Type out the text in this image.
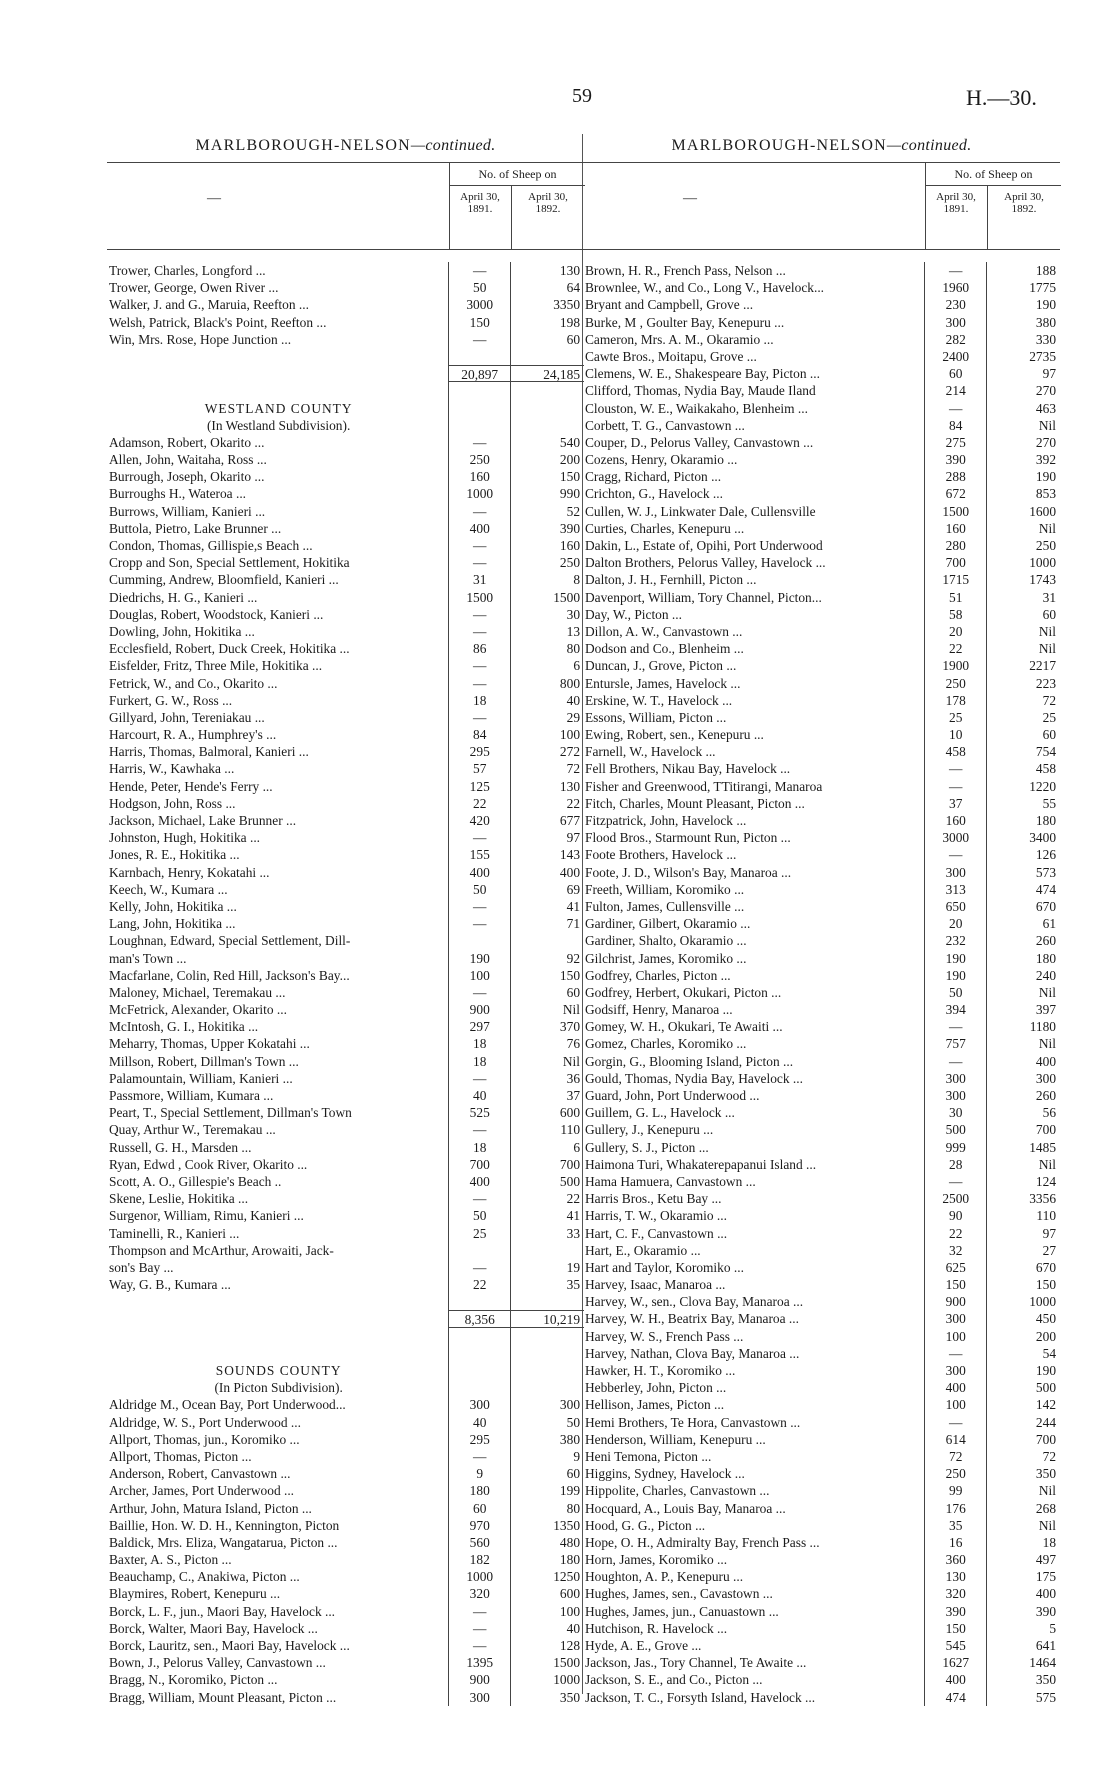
59	H.—30.
MARLBOROUGH-NELSON—continued.
—
No. of Sheep on
April 30,
1891.
April 30,
1892.
Trower, Charles, Longford ...	—	130
Trower, George, Owen River ...	50	64
Walker, J. and G., Maruia, Reefton ...	3000	3350
Welsh, Patrick, Black's Point, Reefton ...	150	198
Win, Mrs. Rose, Hope Junction ...	—	60
20,897	24,185
WESTLAND COUNTY
(In Westland Subdivision).
Adamson, Robert, Okarito ...	—	540
Allen, John, Waitaha, Ross ...	250	200
Burrough, Joseph, Okarito ...	160	150
Burroughs H., Wateroa ...	1000	990
Burrows, William, Kanieri ...	—	52
Buttola, Pietro, Lake Brunner ...	400	390
Condon, Thomas, Gillispie,s Beach ...	—	160
Cropp and Son, Special Settlement, Hokitika	—	250
Cumming, Andrew, Bloomfield, Kanieri ...	31	8
Diedrichs, H. G., Kanieri ...	1500	1500
Douglas, Robert, Woodstock, Kanieri ...	—	30
Dowling, John, Hokitika ...	—	13
Ecclesfield, Robert, Duck Creek, Hokitika ...	86	80
Eisfelder, Fritz, Three Mile, Hokitika ...	—	6
Fetrick, W., and Co., Okarito ...	—	800
Furkert, G. W., Ross ...	18	40
Gillyard, John, Tereniakau ...	—	29
Harcourt, R. A., Humphrey's ...	84	100
Harris, Thomas, Balmoral, Kanieri ...	295	272
Harris, W., Kawhaka ...	57	72
Hende, Peter, Hende's Ferry ...	125	130
Hodgson, John, Ross ...	22	22
Jackson, Michael, Lake Brunner ...	420	677
Johnston, Hugh, Hokitika ...	—	97
Jones, R. E., Hokitika ...	155	143
Karnbach, Henry, Kokatahi ...	400	400
Keech, W., Kumara ...	50	69
Kelly, John, Hokitika ...	—	41
Lang, John, Hokitika ...	—	71
Loughnan, Edward, Special Settlement, Dill-
man's Town ...	190	92
Macfarlane, Colin, Red Hill, Jackson's Bay...	100	150
Maloney, Michael, Teremakau ...	—	60
McFetrick, Alexander, Okarito ...	900	Nil
McIntosh, G. I., Hokitika ...	297	370
Meharry, Thomas, Upper Kokatahi ...	18	76
Millson, Robert, Dillman's Town ...	18	Nil
Palamountain, William, Kanieri ...	—	36
Passmore, William, Kumara ...	40	37
Peart, T., Special Settlement, Dillman's Town	525	600
Quay, Arthur W., Teremakau ...	—	110
Russell, G. H., Marsden ...	18	6
Ryan, Edwd , Cook River, Okarito ...	700	700
Scott, A. O., Gillespie's Beach ..	400	500
Skene, Leslie, Hokitika ...	—	22
Surgenor, William, Rimu, Kanieri ...	50	41
Taminelli, R., Kanieri ...	25	33
Thompson and McArthur, Arowaiti, Jack-
son's Bay ...	—	19
Way, G. B., Kumara ...	22	35
8,356	10,219
SOUNDS COUNTY
(In Picton Subdivision).
Aldridge M., Ocean Bay, Port Underwood...	300	300
Aldridge, W. S., Port Underwood ...	40	50
Allport, Thomas, jun., Koromiko ...	295	380
Allport, Thomas, Picton ...	—	9
Anderson, Robert, Canvastown ...	9	60
Archer, James, Port Underwood ...	180	199
Arthur, John, Matura Island, Picton ...	60	80
Baillie, Hon. W. D. H., Kennington, Picton	970	1350
Baldick, Mrs. Eliza, Wangatarua, Picton ...	560	480
Baxter, A. S., Picton ...	182	180
Beauchamp, C., Anakiwa, Picton ...	1000	1250
Blaymires, Robert, Kenepuru ...	320	600
Borck, L. F., jun., Maori Bay, Havelock ...	—	100
Borck, Walter, Maori Bay, Havelock ...	—	40
Borck, Lauritz, sen., Maori Bay, Havelock ...	—	128
Bown, J., Pelorus Valley, Canvastown ...	1395	1500
Bragg, N., Koromiko, Picton ...	900	1000
Bragg, William, Mount Pleasant, Picton ...	300	350
MARLBOROUGH-NELSON—continued.
—
No. of Sheep on
April 30,
1891.
April 30,
1892.
Brown, H. R., French Pass, Nelson ...	—	188
Brownlee, W., and Co., Long V., Havelock...	1960	1775
Bryant and Campbell, Grove ...	230	190
Burke, M , Goulter Bay, Kenepuru ...	300	380
Cameron, Mrs. A. M., Okaramio ...	282	330
Cawte Bros., Moitapu, Grove ...	2400	2735
Clemens, W. E., Shakespeare Bay, Picton ...	60	97
Clifford, Thomas, Nydia Bay, Maude Iland	214	270
Clouston, W. E., Waikakaho, Blenheim ...	—	463
Corbett, T. G., Canvastown ...	84	Nil
Couper, D., Pelorus Valley, Canvastown ...	275	270
Cozens, Henry, Okaramio ...	390	392
Cragg, Richard, Picton ...	288	190
Crichton, G., Havelock ...	672	853
Cullen, W. J., Linkwater Dale, Cullensville	1500	1600
Curties, Charles, Kenepuru ...	160	Nil
Dakin, L., Estate of, Opihi, Port Underwood	280	250
Dalton Brothers, Pelorus Valley, Havelock ...	700	1000
Dalton, J. H., Fernhill, Picton ...	1715	1743
Davenport, William, Tory Channel, Picton...	51	31
Day, W., Picton ...	58	60
Dillon, A. W., Canvastown ...	20	Nil
Dodson and Co., Blenheim ...	22	Nil
Duncan, J., Grove, Picton ...	1900	2217
Entursle, James, Havelock ...	250	223
Erskine, W. T., Havelock ...	178	72
Essons, William, Picton ...	25	25
Ewing, Robert, sen., Kenepuru ...	10	60
Farnell, W., Havelock ...	458	754
Fell Brothers, Nikau Bay, Havelock ...	—	458
Fisher and Greenwood, TTitirangi, Manaroa	—	1220
Fitch, Charles, Mount Pleasant, Picton ...	37	55
Fitzpatrick, John, Havelock ...	160	180
Flood Bros., Starmount Run, Picton ...	3000	3400
Foote Brothers, Havelock ...	—	126
Foote, J. D., Wilson's Bay, Manaroa ...	300	573
Freeth, William, Koromiko ...	313	474
Fulton, James, Cullensville ...	650	670
Gardiner, Gilbert, Okaramio ...	20	61
Gardiner, Shalto, Okaramio ...	232	260
Gilchrist, James, Koromiko ...	190	180
Godfrey, Charles, Picton ...	190	240
Godfrey, Herbert, Okukari, Picton ...	50	Nil
Godsiff, Henry, Manaroa ...	394	397
Gomey, W. H., Okukari, Te Awaiti ...	—	1180
Gomez, Charles, Koromiko ...	757	Nil
Gorgin, G., Blooming Island, Picton ...	—	400
Gould, Thomas, Nydia Bay, Havelock ...	300	300
Guard, John, Port Underwood ...	300	260
Guillem, G. L., Havelock ...	30	56
Gullery, J., Kenepuru ...	500	700
Gullery, S. J., Picton ...	999	1485
Haimona Turi, Whakaterepapanui Island ...	28	Nil
Hama Hamuera, Canvastown ...	—	124
Harris Bros., Ketu Bay ...	2500	3356
Harris, T. W., Okaramio ...	90	110
Hart, C. F., Canvastown ...	22	97
Hart, E., Okaramio ...	32	27
Hart and Taylor, Koromiko ...	625	670
Harvey, Isaac, Manaroa ...	150	150
Harvey, W., sen., Clova Bay, Manaroa ...	900	1000
Harvey, W. H., Beatrix Bay, Manaroa ...	300	450
Harvey, W. S., French Pass ...	100	200
Harvey, Nathan, Clova Bay, Manaroa ...	—	54
Hawker, H. T., Koromiko ...	300	190
Hebberley, John, Picton ...	400	500
Hellison, James, Picton ...	100	142
Hemi Brothers, Te Hora, Canvastown ...	—	244
Henderson, William, Kenepuru ...	614	700
Heni Temona, Picton ...	72	72
Higgins, Sydney, Havelock ...	250	350
Hippolite, Charles, Canvastown ...	99	Nil
Hocquard, A., Louis Bay, Manaroa ...	176	268
Hood, G. G., Picton ...	35	Nil
Hope, O. H., Admiralty Bay, French Pass ...	16	18
Horn, James, Koromiko ...	360	497
Houghton, A. P., Kenepuru ...	130	175
Hughes, James, sen., Cavastown ...	320	400
Hughes, James, jun., Canuastown ...	390	390
Hutchison, R. Havelock ...	150	5
Hyde, A. E., Grove ...	545	641
Jackson, Jas., Tory Channel, Te Awaite ...	1627	1464
Jackson, S. E., and Co., Picton ...	400	350
Jackson, T. C., Forsyth Island, Havelock ...	474	575
